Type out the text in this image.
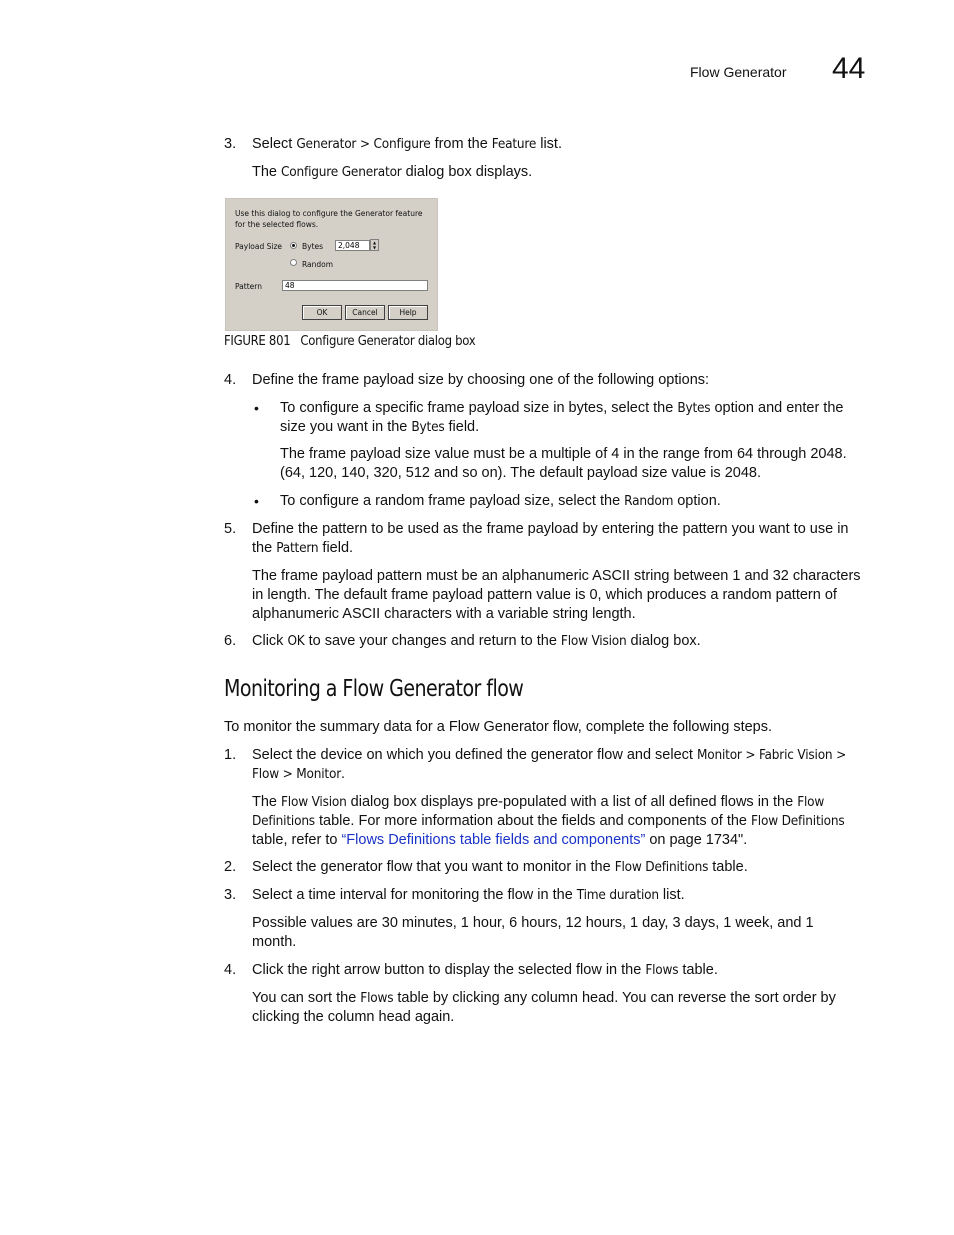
Flow Generator 44
3. Select Generator > Configure from the Feature list.
The Configure Generator dialog box displays.
Use this dialog to configure the Generator feature for the selected flows.
Payload Size	Bytes
2,048	▲
▼
Random
Pattern
48
OK	Cancel	Help
FIGURE 801 Configure Generator dialog box
4. Define the frame payload size by choosing one of the following options:
• To configure a specific frame payload size in bytes, select the Bytes option and enter the size you want in the Bytes field.
The frame payload size value must be a multiple of 4 in the range from 64 through 2048. (64, 120, 140, 320, 512 and so on). The default payload size value is 2048.
• To configure a random frame payload size, select the Random option.
5. Define the pattern to be used as the frame payload by entering the pattern you want to use in the Pattern field.
The frame payload pattern must be an alphanumeric ASCII string between 1 and 32 characters in length. The default frame payload pattern value is 0, which produces a random pattern of alphanumeric ASCII characters with a variable string length.
6. Click OK to save your changes and return to the Flow Vision dialog box.
Monitoring a Flow Generator flow
To monitor the summary data for a Flow Generator flow, complete the following steps.
1. Select the device on which you defined the generator flow and select Monitor > Fabric Vision > Flow > Monitor.
The Flow Vision dialog box displays pre-populated with a list of all defined flows in the Flow Definitions table. For more information about the fields and components of the Flow Definitions table, refer to “Flows Definitions table fields and components” on page 1734".
2. Select the generator flow that you want to monitor in the Flow Definitions table.
3. Select a time interval for monitoring the flow in the Time duration list.
Possible values are 30 minutes, 1 hour, 6 hours, 12 hours, 1 day, 3 days, 1 week, and 1 month.
4. Click the right arrow button to display the selected flow in the Flows table.
You can sort the Flows table by clicking any column head. You can reverse the sort order by clicking the column head again.
